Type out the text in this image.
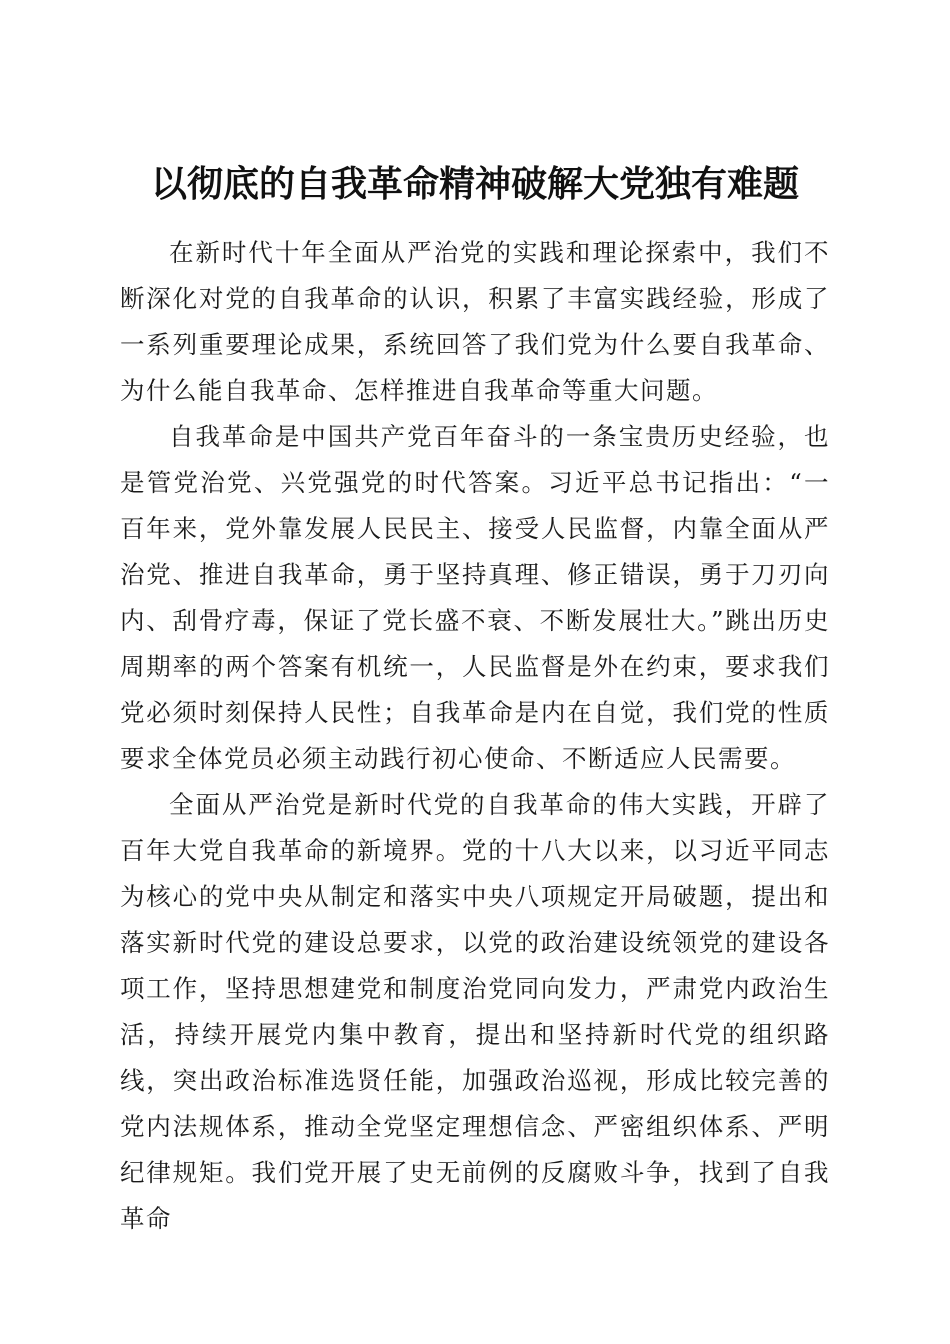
以彻底的自我革命精神破解大党独有难题

在新时代十年全面从严治党的实践和理论探索中，我们不断深化对党的自我革命的认识，积累了丰富实践经验，形成了一系列重要理论成果，系统回答了我们党为什么要自我革命、为什么能自我革命、怎样推进自我革命等重大问题。

自我革命是中国共产党百年奋斗的一条宝贵历史经验，也是管党治党、兴党强党的时代答案。习近平总书记指出：“一百年来，党外靠发展人民民主、接受人民监督，内靠全面从严治党、推进自我革命，勇于坚持真理、修正错误，勇于刀刃向内、刮骨疗毒，保证了党长盛不衰、不断发展壮大。”跳出历史周期率的两个答案有机统一，人民监督是外在约束，要求我们党必须时刻保持人民性；自我革命是内在自觉，我们党的性质要求全体党员必须主动践行初心使命、不断适应人民需要。

全面从严治党是新时代党的自我革命的伟大实践，开辟了百年大党自我革命的新境界。党的十八大以来，以习近平同志为核心的党中央从制定和落实中央八项规定开局破题，提出和落实新时代党的建设总要求，以党的政治建设统领党的建设各项工作，坚持思想建党和制度治党同向发力，严肃党内政治生活，持续开展党内集中教育，提出和坚持新时代党的组织路线，突出政治标准选贤任能，加强政治巡视，形成比较完善的党内法规体系，推动全党坚定理想信念、严密组织体系、严明纪律规矩。我们党开展了史无前例的反腐败斗争，找到了自我革命
